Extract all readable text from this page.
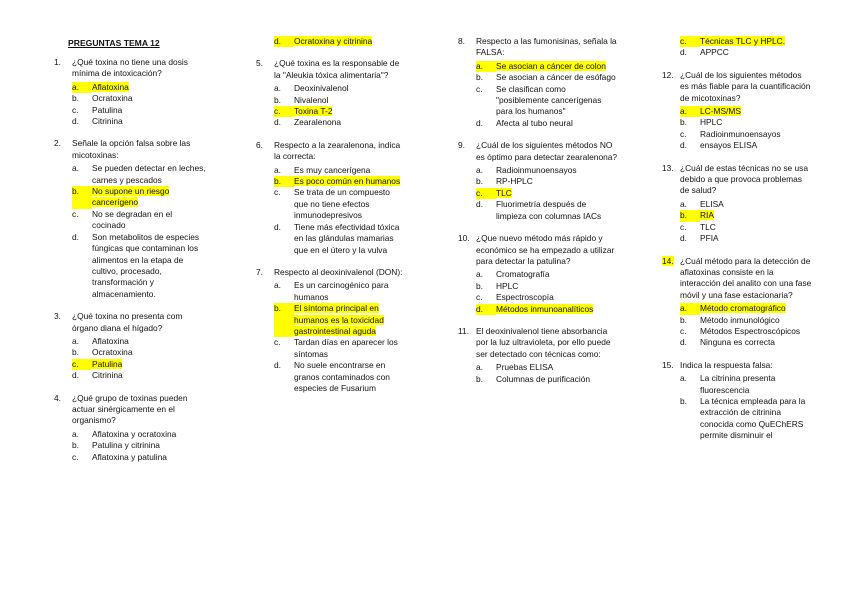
PREGUNTAS TEMA 12
1.	¿Qué toxina no tiene una dosis mínima de intoxicación?
a.	Aflatoxina
b.	Ocratoxina
c.	Patulina
d.	Citrinina
2.	Señale la opción falsa sobre las micotoxinas:
a.	Se pueden detectar en leches, carnes y pescados
b.	No supone un riesgo cancerígeno
c.	No se degradan en el cocinado
d.	Son metabolitos de especies fúngicas que contaminan los alimentos en la etapa de cultivo, procesado, transformación y almacenamiento.
3.	¿Qué toxina no presenta com órgano diana el hígado?
a.	Aflatoxina
b.	Ocratoxina
c.	Patulina
d.	Citrinina
4.	¿Qué grupo de toxinas pueden actuar sinérgicamente en el organismo?
a.	Aflatoxina y ocratoxina
b.	Patulina y citrinina
c.	Aflatoxina y patulina
d.	Ocratoxina y citrinina
5.	¿Qué toxina es la responsable de la "Aleukia tóxica alimentaria"?
a.	Deoxinivalenol
b.	Nivalenol
c.	Toxina T-2
d.	Zearalenona
6.	Respecto a la zearalenona, indica la correcta:
a.	Es muy cancerígena
b.	Es poco común en humanos
c.	Se trata de un compuesto que no tiene efectos inmunodepresivos
d.	Tiene más efectividad tóxica en las glándulas mamarias que en el útero y la vulva
7.	Respecto al deoxinivalenol (DON):
a.	Es un carcinogénico para humanos
b.	El síntoma principal en humanos es la toxicidad gastrointestinal aguda
c.	Tardan días en aparecer los síntomas
d.	No suele encontrarse en granos contaminados con especies de Fusarium
8.	Respecto a las fumonisinas, señala la FALSA:
a.	Se asocian a cáncer de colon
b.	Se asocian a cáncer de esófago
c.	Se clasifican como "posiblemente cancerígenas para los humanos"
d.	Afecta al tubo neural
9.	¿Cuál de los siguientes métodos NO es óptimo para detectar zearalenona?
a.	Radioinmunoensayos
b.	RP-HPLC
c.	TLC
d.	Fluorimetría después de limpieza con columnas IACs
10. ¿Que nuevo método más rápido y económico se ha empezado a utilizar para detectar la patulina?
a.	Cromatografía
b.	HPLC
c.	Espectroscopía
d.	Métodos inmunoanalíticos
11. El deoxinivalenol tiene absorbancia por la luz ultravioleta, por ello puede ser detectado con técnicas como:
a.	Pruebas ELISA
b.	Columnas de purificación
c.	Técnicas TLC y HPLC.
d.	APPCC
12. ¿Cuál de los siguientes métodos es más fiable para la cuantificación de micotoxinas?
a.	LC-MS/MS
b.	HPLC
c.	Radioinmunoensayos
d.	ensayos ELISA
13. ¿Cuál de estas técnicas no se usa debido a que provoca problemas de salud?
a.	ELISA
b.	RIA
c.	TLC
d.	PFIA
14. ¿Cuál método para la detección de aflatoxinas consiste en la interacción del analito con una fase móvil y una fase estacionaria?
a.	Método cromatográfico
b.	Método inmunológico
c.	Métodos Espectroscópicos
d.	Ninguna es correcta
15. Indica la respuesta falsa:
a.	La citrinina presenta fluorescencia
b.	La técnica empleada para la extracción de citrinina conocida como QuEChERS permite disminuir el
